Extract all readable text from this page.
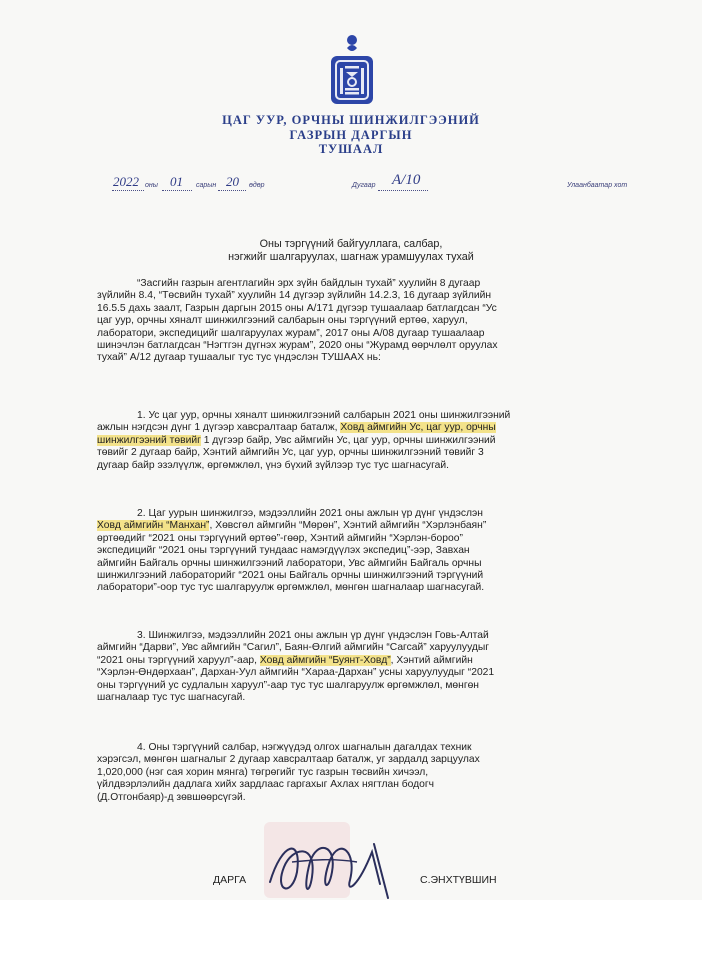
ЦАГ УУР, ОРЧНЫ ШИНЖИЛГЭЭНИЙ
ГАЗРЫН ДАРГЫН
ТУШААЛ
2022 оны 01 сарын 20 өдөр	Дугаар А/10	Улаанбаатар хот
Оны тэргүүний байгууллага, салбар,
нэгжийг шалгаруулах, шагнаж урамшуулах тухай
“Засгийн газрын агентлагийн эрх зүйн байдлын тухай” хуулийн 8 дугаар
зүйлийн 8.4, “Төсвийн тухай” хуулийн 14 дүгээр зүйлийн 14.2.3, 16 дугаар зүйлийн
16.5.5 дахь заалт, Газрын даргын 2015 оны А/171 дүгээр тушаалаар батлагдсан “Ус
цаг уур, орчны хяналт шинжилгээний салбарын оны тэргүүний ертөө, харуул,
лаборатори, экспедицийг шалгаруулах журам”, 2017 оны А/08 дугаар тушаалаар
шинэчлэн батлагдсан “Нэгтгэн дүгнэх журам”, 2020 оны “Журамд өөрчлөлт оруулах
тухай” А/12 дугаар тушаалыг тус тус үндэслэн ТУШААХ нь:
1. Ус цаг уур, орчны хяналт шинжилгээний салбарын 2021 оны шинжилгээний
ажлын нэгдсэн дүнг 1 дүгээр хавсралтаар баталж, Ховд аймгийн Ус, цаг уур, орчны
шинжилгээний төвийг 1 дүгээр байр, Увс аймгийн Ус, цаг уур, орчны шинжилгээний
төвийг 2 дугаар байр, Хэнтий аймгийн Ус, цаг уур, орчны шинжилгээний төвийг 3
дугаар байр эзэлүүлж, өргөмжлөл, үнэ бүхий зүйлээр тус тус шагнасугай.
2. Цаг уурын шинжилгээ, мэдээллийн 2021 оны ажлын үр дүнг үндэслэн
Ховд аймгийн “Манхан”, Хөвсгөл аймгийн “Мөрөн”, Хэнтий аймгийн “Хэрлэнбаян”
өртөөдийг “2021 оны тэргүүний өртөө”-гөөр, Хэнтий аймгийн “Хэрлэн-бороо”
экспедицийг “2021 оны тэргүүний тундаас намэгдүүлэх экспедиц”-ээр, Завхан
аймгийн Байгаль орчны шинжилгээний лаборатори, Увс аймгийн Байгаль орчны
шинжилгээний лабораторийг “2021 оны Байгаль орчны шинжилгээний тэргүүний
лаборатори”-оор тус тус шалгаруулж өргөмжлөл, мөнгөн шагналаар шагнасугай.
3. Шинжилгээ, мэдээллийн 2021 оны ажлын үр дүнг үндэслэн Говь-Алтай
аймгийн “Дарви”, Увс аймгийн “Сагил”, Баян-Өлгий аймгийн “Сагсай” харуулуудыг
“2021 оны тэргүүний харуул”-аар, Ховд аймгийн “Буянт-Ховд”, Хэнтий аймгийн
“Хэрлэн-Өндөрхаан”, Дархан-Уул аймгийн “Хараа-Дархан” усны харуулуудыг “2021
оны тэргүүний ус судлалын харуул”-аар тус тус шалгаруулж өргөмжлөл, мөнгөн
шагналаар тус тус шагнасугай.
4. Оны тэргүүний салбар, нэгжүүдэд олгох шагналын дагалдах техник
хэрэгсэл, мөнгөн шагналыг 2 дугаар хавсралтаар баталж, уг зардалд зарцуулах
1,020,000 (нэг сая хорин мянга) төгрөгийг тус газрын төсвийн хичээл,
үйлдвэрлэлийн дадлага хийх зардлаас гаргахыг Ахлах нягтлан бодогч
(Д.Отгонбаяр)-д зөвшөөрсүгэй.
ДАРГА	С.ЭНХТҮВШИН
